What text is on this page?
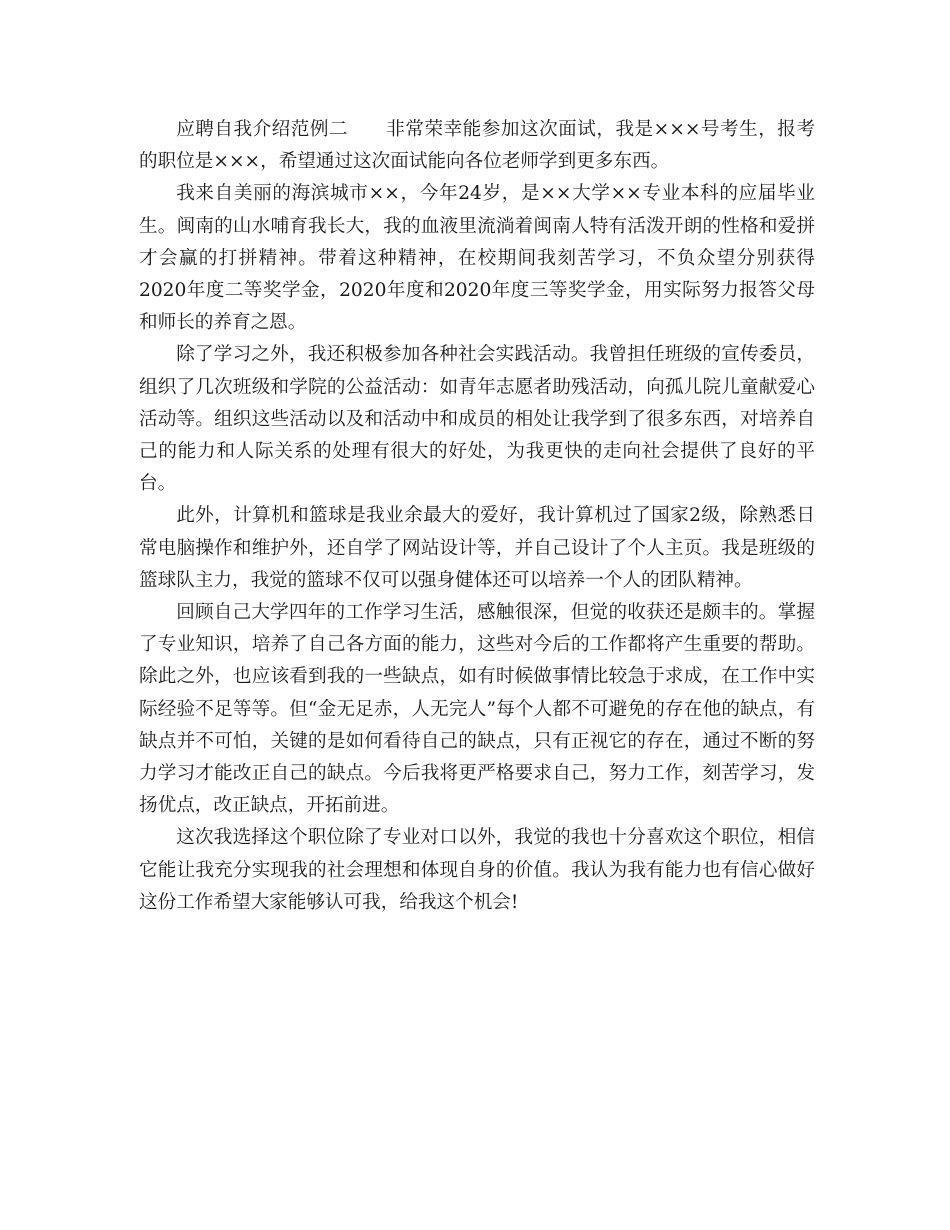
应聘自我介绍范例二　　非常荣幸能参加这次面试，我是×××号考生，报考的职位是×××，希望通过这次面试能向各位老师学到更多东西。

我来自美丽的海滨城市××，今年24岁，是××大学××专业本科的应届毕业生。闽南的山水哺育我长大，我的血液里流淌着闽南人特有活泼开朗的性格和爱拼才会赢的打拼精神。带着这种精神，在校期间我刻苦学习，不负众望分别获得2020年度二等奖学金，2020年度和2020年度三等奖学金，用实际努力报答父母和师长的养育之恩。

除了学习之外，我还积极参加各种社会实践活动。我曾担任班级的宣传委员，组织了几次班级和学院的公益活动：如青年志愿者助残活动，向孤儿院儿童献爱心活动等。组织这些活动以及和活动中和成员的相处让我学到了很多东西，对培养自己的能力和人际关系的处理有很大的好处，为我更快的走向社会提供了良好的平台。

此外，计算机和篮球是我业余最大的爱好，我计算机过了国家2级，除熟悉日常电脑操作和维护外，还自学了网站设计等，并自己设计了个人主页。我是班级的篮球队主力，我觉的篮球不仅可以强身健体还可以培养一个人的团队精神。

回顾自己大学四年的工作学习生活，感触很深，但觉的收获还是颇丰的。掌握了专业知识，培养了自己各方面的能力，这些对今后的工作都将产生重要的帮助。除此之外，也应该看到我的一些缺点，如有时候做事情比较急于求成，在工作中实际经验不足等等。但“金无足赤，人无完人”每个人都不可避免的存在他的缺点，有缺点并不可怕，关键的是如何看待自己的缺点，只有正视它的存在，通过不断的努力学习才能改正自己的缺点。今后我将更严格要求自己，努力工作，刻苦学习，发扬优点，改正缺点，开拓前进。

这次我选择这个职位除了专业对口以外，我觉的我也十分喜欢这个职位，相信它能让我充分实现我的社会理想和体现自身的价值。我认为我有能力也有信心做好这份工作希望大家能够认可我，给我这个机会!
